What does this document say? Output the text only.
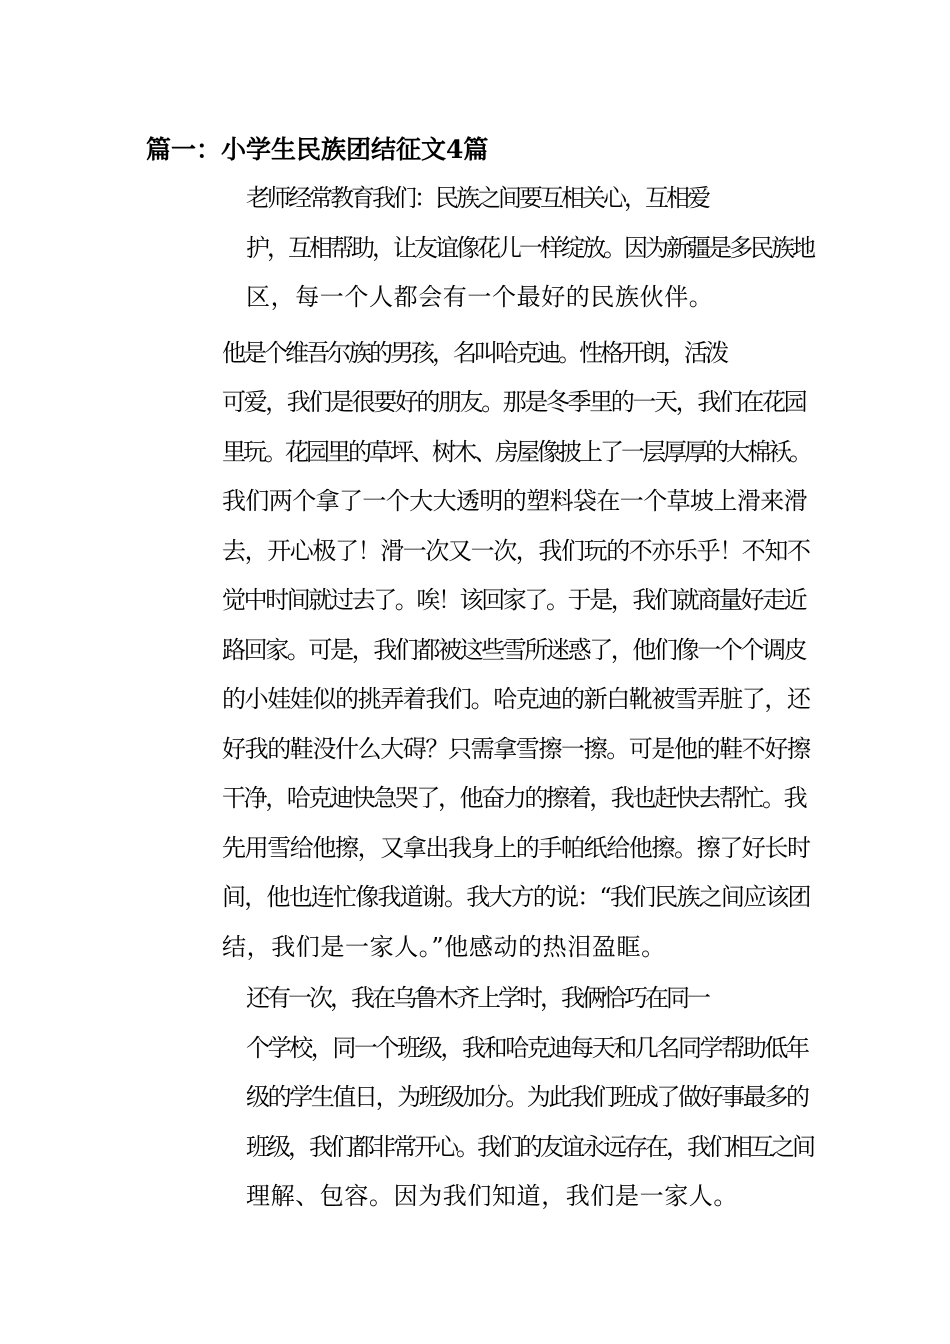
篇一：小学生民族团结征文4篇

老师经常教育我们：民族之间要互相关心，互相爱
护，互相帮助，让友谊像花儿一样绽放。因为新疆是多民族地
区，每一个人都会有一个最好的民族伙伴。

他是个维吾尔族的男孩，名叫哈克迪。性格开朗，活泼
可爱，我们是很要好的朋友。那是冬季里的一天，我们在花园
里玩。花园里的草坪、树木、房屋像披上了一层厚厚的大棉袄。
我们两个拿了一个大大透明的塑料袋在一个草坡上滑来滑
去，开心极了！滑一次又一次，我们玩的不亦乐乎！不知不
觉中时间就过去了。唉！该回家了。于是，我们就商量好走近
路回家。可是，我们都被这些雪所迷惑了，他们像一个个调皮
的小娃娃似的挑弄着我们。哈克迪的新白靴被雪弄脏了，还
好我的鞋没什么大碍？只需拿雪擦一擦。可是他的鞋不好擦
干净，哈克迪快急哭了，他奋力的擦着，我也赶快去帮忙。我
先用雪给他擦，又拿出我身上的手帕纸给他擦。擦了好长时
间，他也连忙像我道谢。我大方的说：“我们民族之间应该团
结，我们是一家人。”他感动的热泪盈眶。

还有一次，我在乌鲁木齐上学时，我俩恰巧在同一
个学校，同一个班级，我和哈克迪每天和几名同学帮助低年
级的学生值日，为班级加分。为此我们班成了做好事最多的
班级，我们都非常开心。我们的友谊永远存在，我们相互之间
理解、包容。因为我们知道，我们是一家人。
